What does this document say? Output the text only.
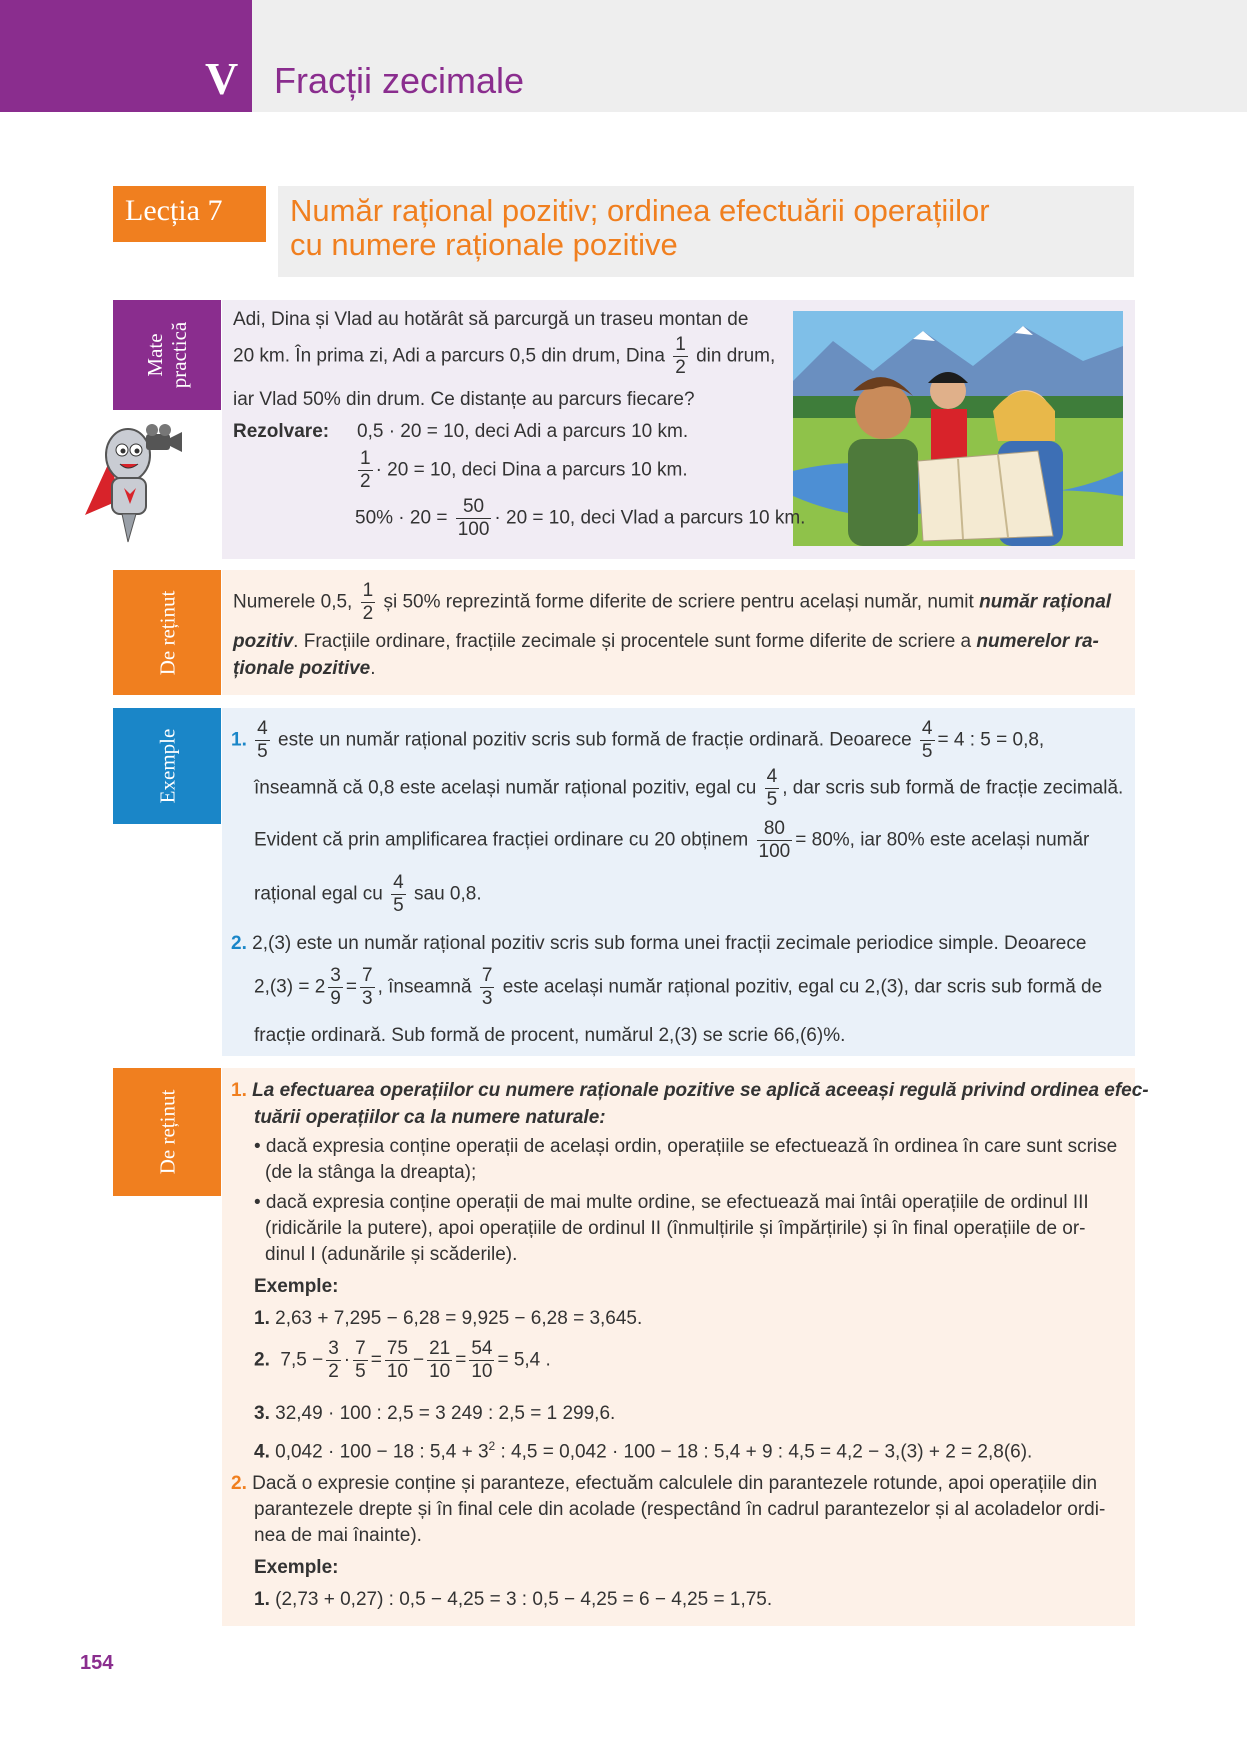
V Fracții zecimale
Lecția 7	Număr rațional pozitiv; ordinea efectuării operațiilor
cu numere raționale pozitive
Mate
practică
De reținut
Exemple
De reținut
Adi, Dina și Vlad au hotărât să parcurgă un traseu montan de
20 km. În prima zi, Adi a parcurs 0,5 din drum, Dina $\frac{1}{2}$ din drum,
iar Vlad 50% din drum. Ce distanțe au parcurs fiecare?
Rezolvare: 0,5 · 20 = 10, deci Adi a parcurs 10 km.
$\frac{1}{2} \cdot 20 = 10$, deci Dina a parcurs 10 km.
$50\% \cdot 20 = \frac{50}{100} \cdot 20 = 10$, deci Vlad a parcurs 10 km.
Numerele 0,5, $\frac{1}{2}$ și 50% reprezintă forme diferite de scriere pentru același număr, numit număr rațional
pozitiv. Fracțiile ordinare, fracțiile zecimale și procentele sunt forme diferite de scriere a numerelor ra-
ționale pozitive.
1. $\frac{4}{5}$ este un număr rațional pozitiv scris sub formă de fracție ordinară. Deoarece $\frac{4}{5} = 4$ : 5 = 0,8,
înseamnă că 0,8 este același număr rațional pozitiv, egal cu $\frac{4}{5}$ , dar scris sub formă de fracție zecimală.
Evident că prin amplificarea fracției ordinare cu 20 obținem $\frac{80}{100} = 80\%$, iar 80% este același număr
rațional egal cu $\frac{4}{5}$ sau 0,8.
2. 2,(3) este un număr rațional pozitiv scris sub forma unei fracții zecimale periodice simple. Deoarece
$2,(3) = 2 \frac{3}{9} = \frac{7}{3}$ , înseamnă $\frac{7}{3}$ este același număr rațional pozitiv, egal cu 2,(3), dar scris sub formă de
fracție ordinară. Sub formă de procent, numărul 2,(3) se scrie 66,(6)%.
1. La efectuarea operațiilor cu numere raționale pozitive se aplică aceeași regulă privind ordinea efec-
tuării operațiilor ca la numere naturale:
• dacă expresia conține operații de același ordin, operațiile se efectuează în ordinea în care sunt scrise
(de la stânga la dreapta);
• dacă expresia conține operații de mai multe ordine, se efectuează mai întâi operațiile de ordinul III
(ridicările la putere), apoi operațiile de ordinul II (înmulțirile și împărțirile) și în final operațiile de or-
dinul I (adunările și scăderile).
Exemple:
1. 2,63 + 7,295 − 6,28 = 9,925 − 6,28 = 3,645.
2. $7,5 - \frac{3}{2} \cdot \frac{7}{5} = \frac{75}{10} - \frac{21}{10} = \frac{54}{10} = 5,4$ .
3. 32,49 · 100 : 2,5 = 3 249 : 2,5 = 1 299,6.
4. 0,042 · 100 − 18 : $5,4 + 3^2$ : 4,5 = 0,042 · 100 − 18 : 5,4 + 9 : 4,5 = 4,2 − 3,(3) + 2 = 2,8(6).
2. Dacă o expresie conține și paranteze, efectuăm calculele din parantezele rotunde, apoi operațiile din
parantezele drepte și în final cele din acolade (respectând în cadrul parantezelor și al acoladelor ordi-
nea de mai înainte).
Exemple:
1. (2,73 + 0,27) : 0,5 − 4,25 = 3 : 0,5 − 4,25 = 6 − 4,25 = 1,75.
154
